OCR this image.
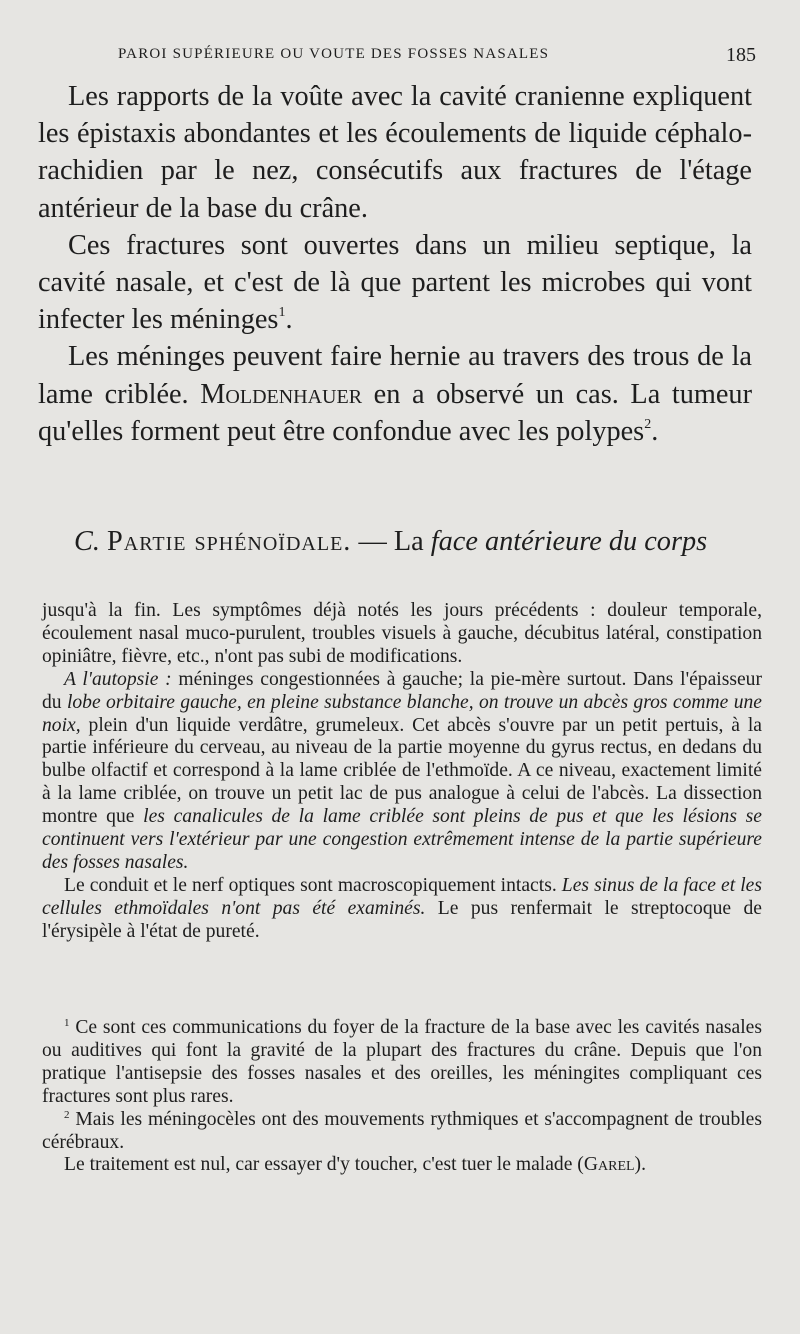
PAROI SUPÉRIEURE OU VOUTE DES FOSSES NASALES	185

Les rapports de la voûte avec la cavité cranienne expliquent les épistaxis abondantes et les écoulements de liquide céphalo-rachidien par le nez, consécutifs aux fractures de l'étage antérieur de la base du crâne.

Ces fractures sont ouvertes dans un milieu septique, la cavité nasale, et c'est de là que partent les microbes qui vont infecter les méninges$^1$.

Les méninges peuvent faire hernie au travers des trous de la lame criblée. Moldenhauer en a observé un cas. La tumeur qu'elles forment peut être confondue avec les polypes$^2$.

C. Partie sphénoïdale. — La face antérieure du corps

jusqu'à la fin. Les symptômes déjà notés les jours précédents : douleur temporale, écoulement nasal muco-purulent, troubles visuels à gauche, décubitus latéral, constipation opiniâtre, fièvre, etc., n'ont pas subi de modifications.

A l'autopsie : méninges congestionnées à gauche; la pie-mère surtout. Dans l'épaisseur du lobe orbitaire gauche, en pleine substance blanche, on trouve un abcès gros comme une noix, plein d'un liquide verdâtre, grumeleux. Cet abcès s'ouvre par un petit pertuis, à la partie inférieure du cerveau, au niveau de la partie moyenne du gyrus rectus, en dedans du bulbe olfactif et correspond à la lame criblée de l'ethmoïde. A ce niveau, exactement limité à la lame criblée, on trouve un petit lac de pus analogue à celui de l'abcès. La dissection montre que les canalicules de la lame criblée sont pleins de pus et que les lésions se continuent vers l'extérieur par une congestion extrêmement intense de la partie supérieure des fosses nasales.

Le conduit et le nerf optiques sont macroscopiquement intacts. Les sinus de la face et les cellules ethmoïdales n'ont pas été examinés. Le pus renfermait le streptocoque de l'érysipèle à l'état de pureté.

$^1$ Ce sont ces communications du foyer de la fracture de la base avec les cavités nasales ou auditives qui font la gravité de la plupart des fractures du crâne. Depuis que l'on pratique l'antisepsie des fosses nasales et des oreilles, les méningites compliquant ces fractures sont plus rares.

$^2$ Mais les méningocèles ont des mouvements rythmiques et s'accompagnent de troubles cérébraux.

Le traitement est nul, car essayer d'y toucher, c'est tuer le malade (Garel).
